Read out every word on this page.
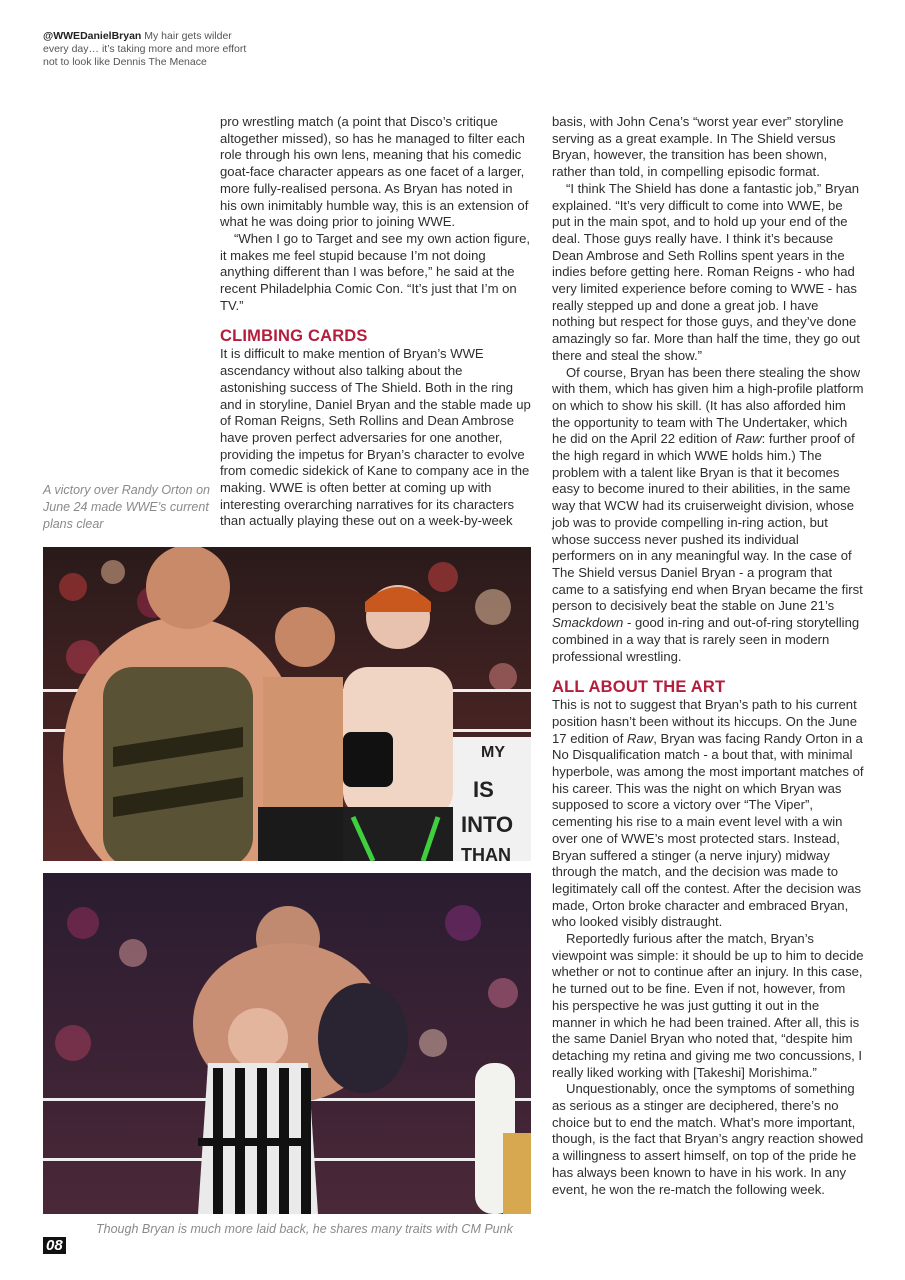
@WWEDanielBryan My hair gets wilder every day… it’s taking more and more effort not to look like Dennis The Menace

pro wrestling match (a point that Disco’s critique altogether missed), so has he managed to filter each role through his own lens, meaning that his comedic goat-face character appears as one facet of a larger, more fully-realised persona. As Bryan has noted in his own inimitably humble way, this is an extension of what he was doing prior to joining WWE.

“When I go to Target and see my own action figure, it makes me feel stupid because I’m not doing anything different than I was before,” he said at the recent Philadelphia Comic Con. “It’s just that I’m on TV.”

CLIMBING CARDS

It is difficult to make mention of Bryan’s WWE ascendancy without also talking about the astonishing success of The Shield. Both in the ring and in storyline, Daniel Bryan and the stable made up of Roman Reigns, Seth Rollins and Dean Ambrose have proven perfect adversaries for one another, providing the impetus for Bryan’s character to evolve from comedic sidekick of Kane to company ace in the making. WWE is often better at coming up with interesting overarching narratives for its characters than actually playing these out on a week-by-week

A victory over Randy Orton on June 24 made WWE’s current plans clear
MY
IS
INTO
THAN
Though Bryan is much more laid back, he shares many traits with CM Punk

basis, with John Cena’s “worst year ever” storyline serving as a great example. In The Shield versus Bryan, however, the transition has been shown, rather than told, in compelling episodic format.

“I think The Shield has done a fantastic job,” Bryan explained. “It’s very difficult to come into WWE, be put in the main spot, and to hold up your end of the deal. Those guys really have. I think it’s because Dean Ambrose and Seth Rollins spent years in the indies before getting here. Roman Reigns - who had very limited experience before coming to WWE - has really stepped up and done a great job. I have nothing but respect for those guys, and they’ve done amazingly so far. More than half the time, they go out there and steal the show.”

Of course, Bryan has been there stealing the show with them, which has given him a high-profile platform on which to show his skill. (It has also afforded him the opportunity to team with The Undertaker, which he did on the April 22 edition of Raw: further proof of the high regard in which WWE holds him.) The problem with a talent like Bryan is that it becomes easy to become inured to their abilities, in the same way that WCW had its cruiserweight division, whose job was to provide compelling in-ring action, but whose success never pushed its individual performers on in any meaningful way. In the case of The Shield versus Daniel Bryan - a program that came to a satisfying end when Bryan became the first person to decisively beat the stable on June 21’s Smackdown - good in-ring and out-of-ring storytelling combined in a way that is rarely seen in modern professional wrestling.

ALL ABOUT THE ART

This is not to suggest that Bryan’s path to his current position hasn’t been without its hiccups. On the June 17 edition of Raw, Bryan was facing Randy Orton in a No Disqualification match - a bout that, with minimal hyperbole, was among the most important matches of his career. This was the night on which Bryan was supposed to score a victory over “The Viper”, cementing his rise to a main event level with a win over one of WWE’s most protected stars. Instead, Bryan suffered a stinger (a nerve injury) midway through the match, and the decision was made to legitimately call off the contest. After the decision was made, Orton broke character and embraced Bryan, who looked visibly distraught.

Reportedly furious after the match, Bryan’s viewpoint was simple: it should be up to him to decide whether or not to continue after an injury. In this case, he turned out to be fine. Even if not, however, from his perspective he was just gutting it out in the manner in which he had been trained. After all, this is the same Daniel Bryan who noted that, “despite him detaching my retina and giving me two concussions, I really liked working with [Takeshi] Morishima.”

Unquestionably, once the symptoms of something as serious as a stinger are deciphered, there’s no choice but to end the match. What’s more important, though, is the fact that Bryan’s angry reaction showed a willingness to assert himself, on top of the pride he has always been known to have in his work. In any event, he won the re-match the following week.

08
